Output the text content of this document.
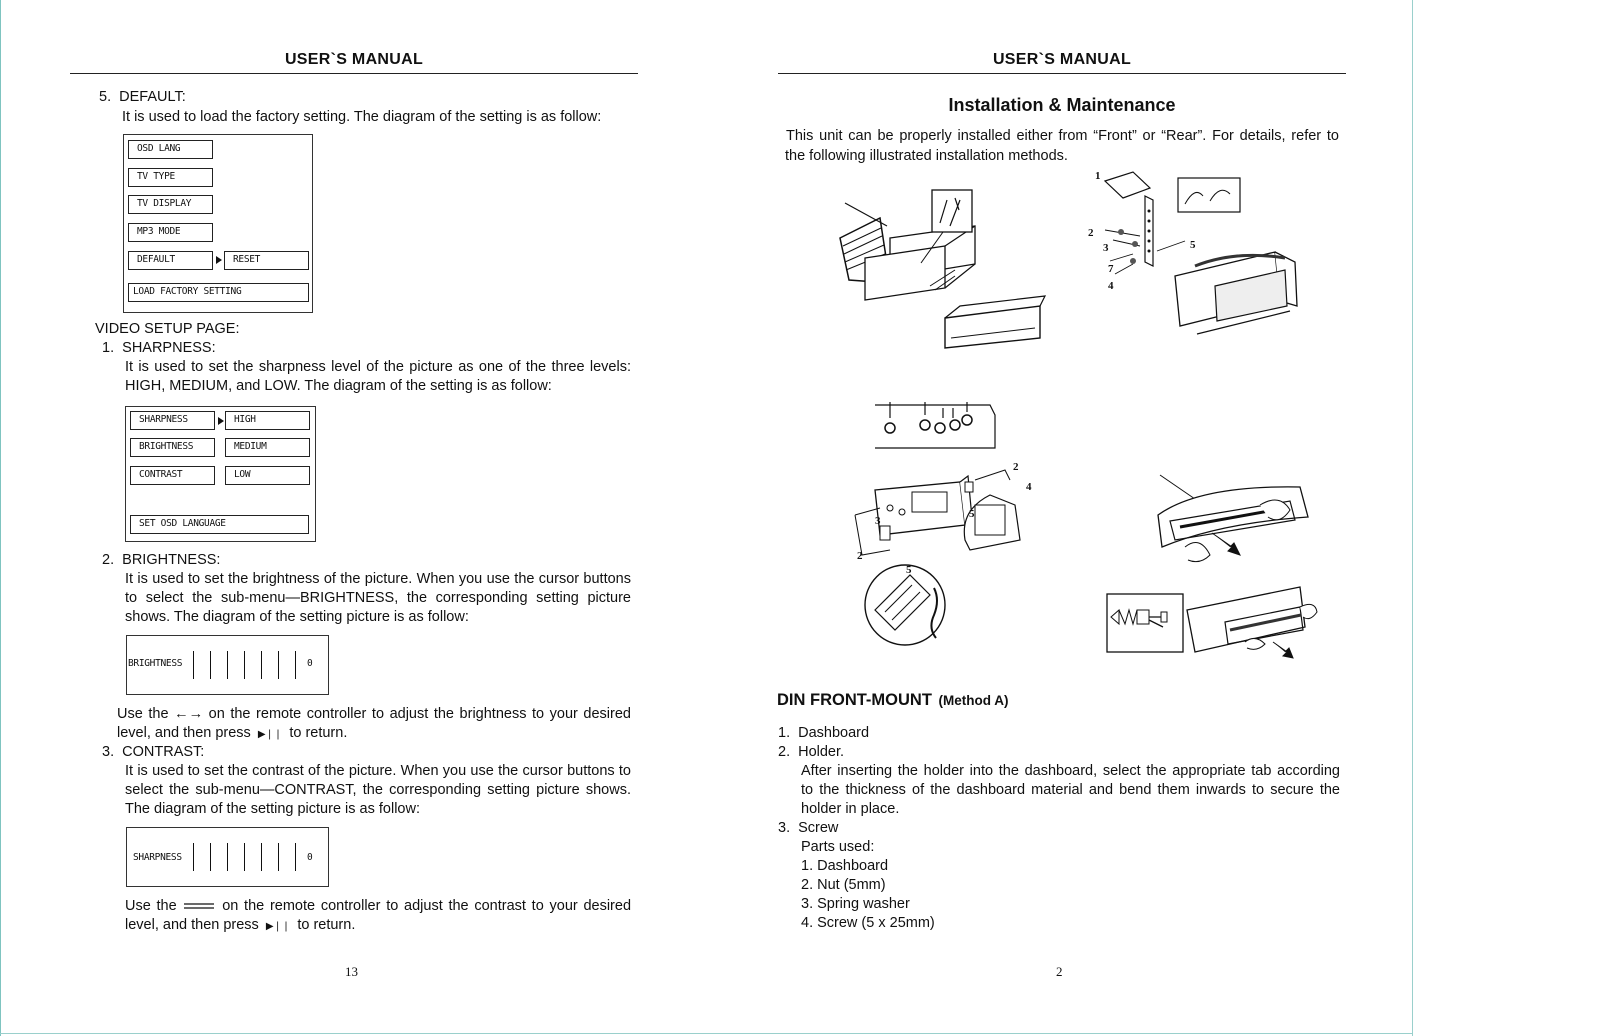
USER`S MANUAL
5.  DEFAULT:
It is used to load the factory setting. The diagram of the setting is as follow:
OSD LANG
TV TYPE
TV DISPLAY
MP3 MODE
DEFAULT	RESET
LOAD FACTORY SETTING
VIDEO SETUP PAGE:
1.  SHARPNESS:
It is used to set the sharpness level of the picture as one of the three levels:
HIGH, MEDIUM, and LOW. The diagram of the setting is as follow:
SHARPNESS	HIGH
BRIGHTNESS	MEDIUM
CONTRAST	LOW
SET OSD LANGUAGE
2.  BRIGHTNESS:
It is used to set the brightness of the picture. When you use the cursor buttons
to select the sub-menu—BRIGHTNESS, the corresponding setting picture
shows. The diagram of the setting picture is as follow:
BRIGHTNESS	0
Use the ←→ on the remote controller to adjust the brightness to your desired
level, and then press ▶❘❘ to return.
3.  CONTRAST:
It is used to set the contrast of the picture. When you use the cursor buttons to
select the sub-menu—CONTRAST, the corresponding setting picture shows.
The diagram of the setting picture is as follow:
SHARPNESS	0
Use the	on the remote controller to adjust the contrast to your desired
level, and then press ▶❘❘ to return.
13
USER`S MANUAL
Installation & Maintenance
This unit can be properly installed either from “Front” or “Rear”. For details, refer to
the following illustrated installation methods.
1
2
3	5
7
4
2
4
3
5
2
5
DIN FRONT-MOUNT (Method A)
1. Dashboard
2. Holder.
After inserting the holder into the dashboard, select the appropriate tab according
to the thickness of the dashboard material and bend them inwards to secure the
holder in place.
3. Screw
Parts used:
1. Dashboard
2. Nut (5mm)
3. Spring washer
4. Screw (5 x 25mm)
2
